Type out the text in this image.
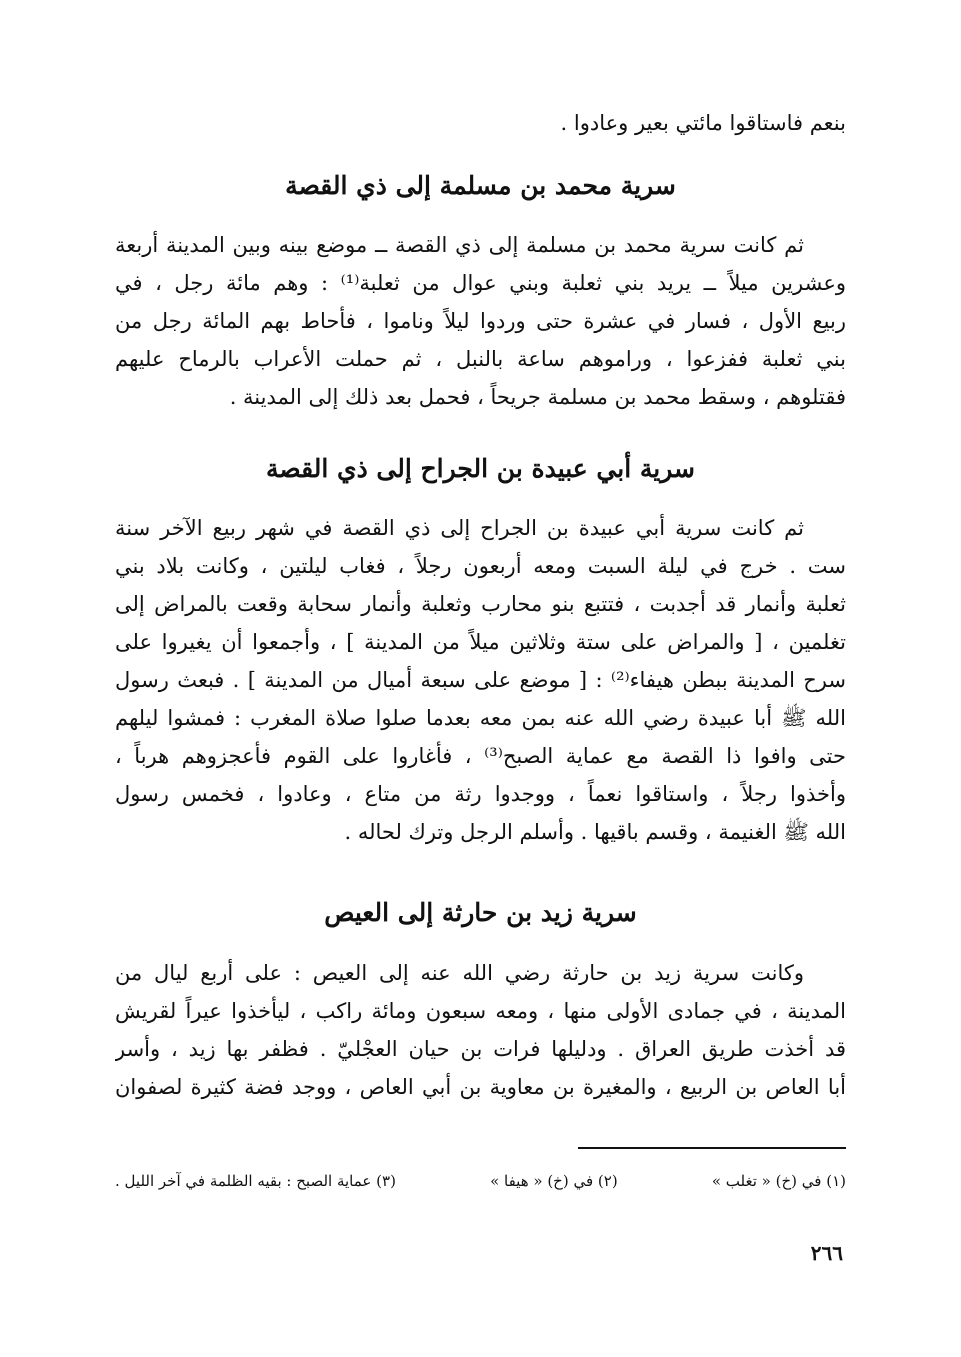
بنعم فاستاقوا مائتي بعير وعادوا .
سرية محمد بن مسلمة إلى ذي القصة
ثم كانت سرية محمد بن مسلمة إلى ذي القصة ــ موضع بينه وبين المدينة أربعة
وعشرين ميلاً ــ يريد بني ثعلبة وبني عوال من ثعلبة⁽¹⁾ : وهم مائة رجل ، في
ربيع الأول ، فسار في عشرة حتى وردوا ليلاً وناموا ، فأحاط بهم المائة رجل من
بني ثعلبة ففزعوا ، وراموهم ساعة بالنبل ، ثم حملت الأعراب بالرماح عليهم
فقتلوهم ، وسقط محمد بن مسلمة جريحاً ، فحمل بعد ذلك إلى المدينة .
سرية أبي عبيدة بن الجراح إلى ذي القصة
ثم كانت سرية أبي عبيدة بن الجراح إلى ذي القصة في شهر ربيع الآخر سنة
ست . خرج في ليلة السبت ومعه أربعون رجلاً ، فغاب ليلتين ، وكانت بلاد بني
ثعلبة وأنمار قد أجدبت ، فتتبع بنو محارب وثعلبة وأنمار سحابة وقعت بالمراض إلى
تغلمين ، [ والمراض على ستة وثلاثين ميلاً من المدينة ] ، وأجمعوا أن يغيروا على
سرح المدينة ببطن هيفاء⁽²⁾ : [ موضع على سبعة أميال من المدينة ] . فبعث رسول
الله ﷺ أبا عبيدة رضي الله عنه بمن معه بعدما صلوا صلاة المغرب : فمشوا ليلهم
حتى وافوا ذا القصة مع عماية الصبح⁽³⁾ ، فأغاروا على القوم فأعجزوهم هرباً ،
وأخذوا رجلاً ، واستاقوا نعماً ، ووجدوا رثة من متاع ، وعادوا ، فخمس رسول
الله ﷺ الغنيمة ، وقسم باقيها . وأسلم الرجل وترك لحاله .
سرية زيد بن حارثة إلى العيص
وكانت سرية زيد بن حارثة رضي الله عنه إلى العيص : على أربع ليال من
المدينة ، في جمادى الأولى منها ، ومعه سبعون ومائة راكب ، ليأخذوا عيراً لقريش
قد أخذت طريق العراق . ودليلها فرات بن حيان العجْليّ . فظفر بها زيد ، وأسر
أبا العاص بن الربيع ، والمغيرة بن معاوية بن أبي العاص ، ووجد فضة كثيرة لصفوان
(١) في (خ) « تغلب »
(٢) في (خ) « هيفا »
(٣) عماية الصبح : بقيه الظلمة في آخر الليل .
٢٦٦
